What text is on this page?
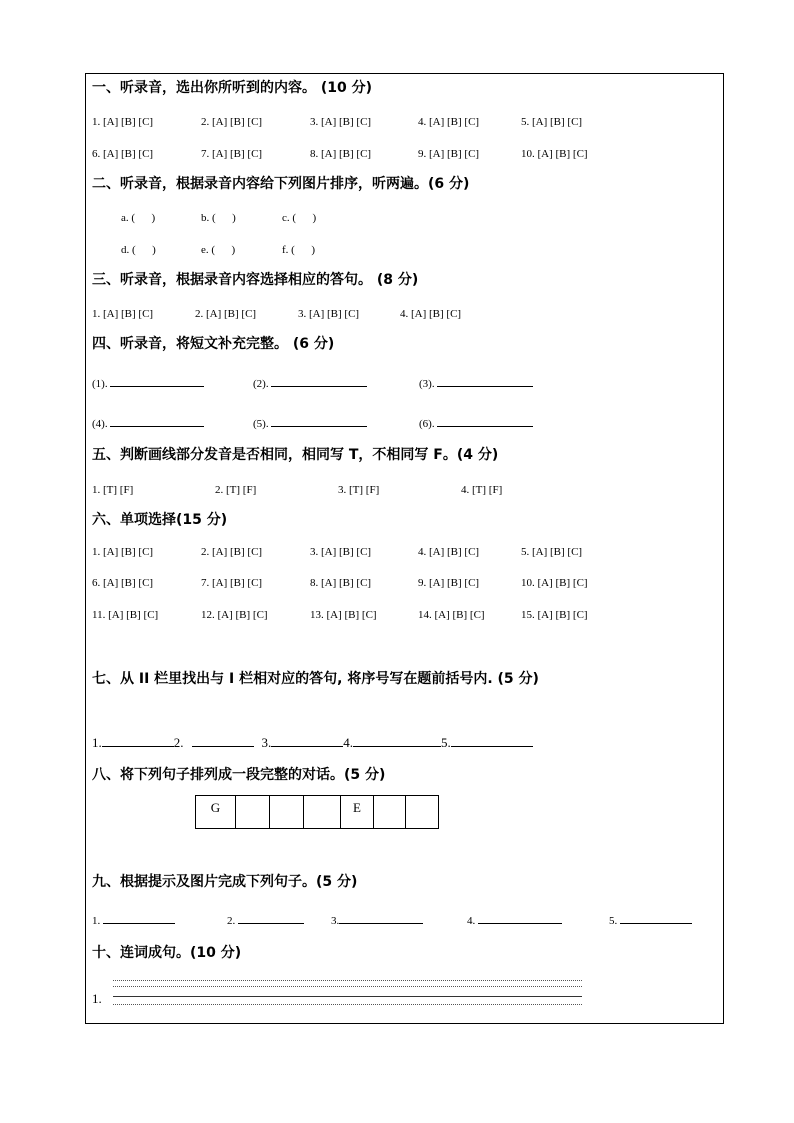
一、听录音，选出你所听到的内容。 (10 分)
1. [A] [B] [C]	2. [A] [B] [C]	3. [A] [B] [C]	4. [A] [B] [C]	5. [A] [B] [C]
6. [A] [B] [C]	7. [A] [B] [C]	8. [A] [B] [C]	9. [A] [B] [C]	10. [A] [B] [C]
二、听录音，根据录音内容给下列图片排序，听两遍。(6 分)
a. (      )	b. (      )	c. (      )
d. (      )	e. (      )	f. (      )
三、听录音，根据录音内容选择相应的答句。 (8 分)
1. [A] [B] [C]	2. [A] [B] [C]	3. [A] [B] [C]	4. [A] [B] [C]
四、听录音，将短文补充完整。 (6 分)
(1).	(2).	(3).
(4).	(5).	(6).
五、判断画线部分发音是否相同，相同写 T，不相同写 F。(4 分)
1. [T] [F]	2. [T] [F]	3. [T] [F]	4. [T] [F]
六、单项选择(15 分)
1. [A] [B] [C]	2. [A] [B] [C]	3. [A] [B] [C]	4. [A] [B] [C]	5. [A] [B] [C]
6. [A] [B] [C]	7. [A] [B] [C]	8. [A] [B] [C]	9. [A] [B] [C]	10. [A] [B] [C]
11. [A] [B] [C]	12. [A] [B] [C]	13. [A] [B] [C]	14. [A] [B] [C]	15. [A] [B] [C]
七、从 II 栏里找出与 I 栏相对应的答句, 将序号写在题前括号内. (5 分)
1.	2.	3.	4.	5.
八、将下列句子排列成一段完整的对话。(5 分)
G				E		
九、根据提示及图片完成下列句子。(5 分)
1.	2.	3.	4.	5.
十、连词成句。(10 分)
1.
